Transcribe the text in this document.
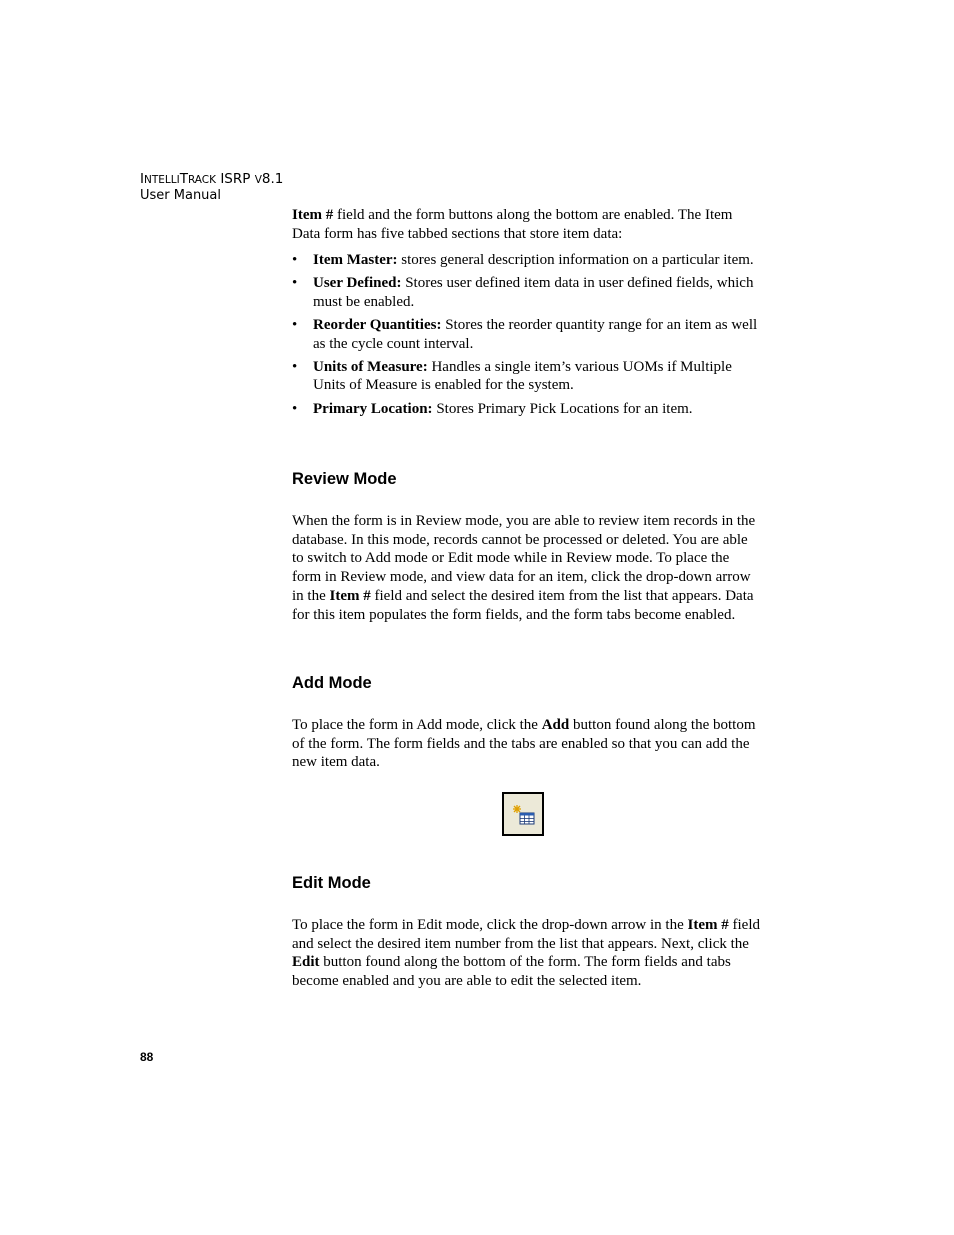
INTELLITRACK ISRP V8.1
User Manual

Item # field and the form buttons along the bottom are enabled. The Item Data form has five tabbed sections that store item data:

• Item Master: stores general description information on a particular item.
• User Defined: Stores user defined item data in user defined fields, which must be enabled.
• Reorder Quantities: Stores the reorder quantity range for an item as well as the cycle count interval.
• Units of Measure: Handles a single item’s various UOMs if Multiple Units of Measure is enabled for the system.
• Primary Location: Stores Primary Pick Locations for an item.
Review Mode

When the form is in Review mode, you are able to review item records in the database. In this mode, records cannot be processed or deleted. You are able to switch to Add mode or Edit mode while in Review mode. To place the form in Review mode, and view data for an item, click the drop-down arrow in the Item # field and select the desired item from the list that appears. Data for this item populates the form fields, and the form tabs become enabled.

Add Mode

To place the form in Add mode, click the Add button found along the bottom of the form. The form fields and the tabs are enabled so that you can add the new item data.

Edit Mode

To place the form in Edit mode, click the drop-down arrow in the Item # field and select the desired item number from the list that appears. Next, click the Edit button found along the bottom of the form. The form fields and tabs become enabled and you are able to edit the selected item.

88
